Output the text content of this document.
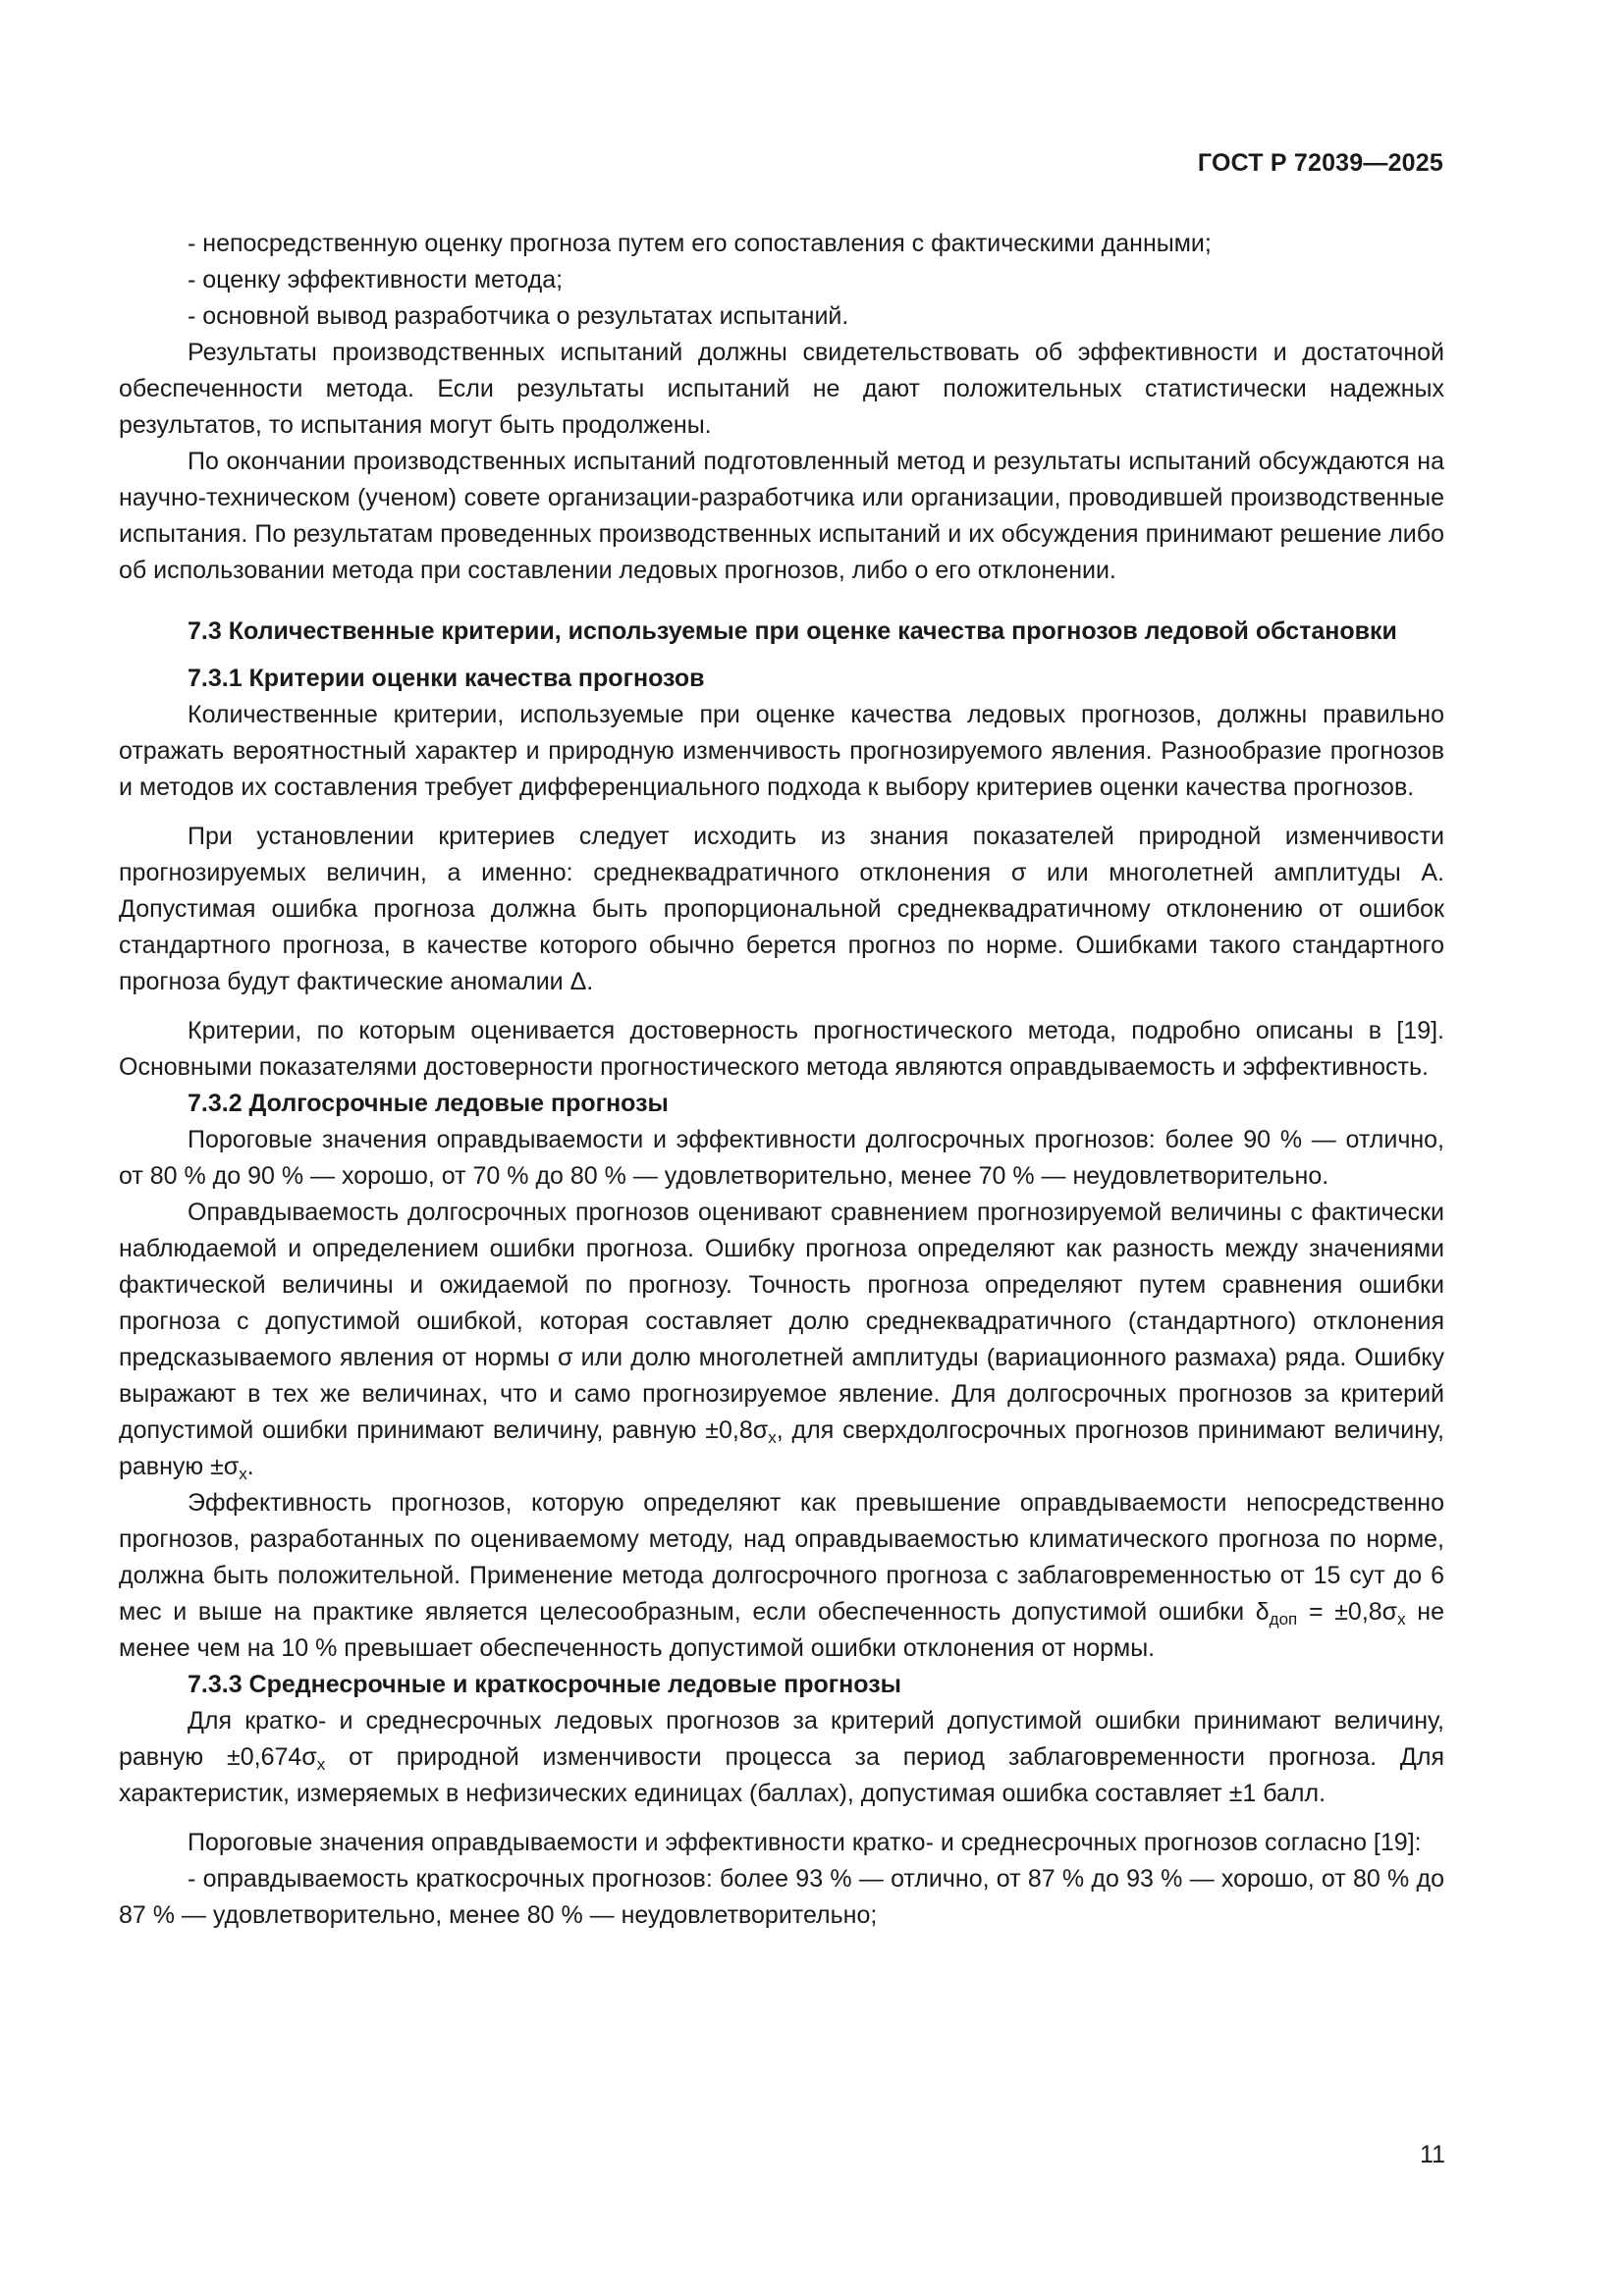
ГОСТ Р 72039—2025

- непосредственную оценку прогноза путем его сопоставления с фактическими данными;

- оценку эффективности метода;

- основной вывод разработчика о результатах испытаний.

Результаты производственных испытаний должны свидетельствовать об эффективности и достаточной обеспеченности метода. Если результаты испытаний не дают положительных статистически надежных результатов, то испытания могут быть продолжены.

По окончании производственных испытаний подготовленный метод и результаты испытаний обсуждаются на научно-техническом (ученом) совете организации-разработчика или организации, проводившей производственные испытания. По результатам проведенных производственных испытаний и их обсуждения принимают решение либо об использовании метода при составлении ледовых прогнозов, либо о его отклонении.

7.3 Количественные критерии, используемые при оценке качества прогнозов ледовой обстановки

7.3.1 Критерии оценки качества прогнозов

Количественные критерии, используемые при оценке качества ледовых прогнозов, должны правильно отражать вероятностный характер и природную изменчивость прогнозируемого явления. Разнообразие прогнозов и методов их составления требует дифференциального подхода к выбору критериев оценки качества прогнозов.

При установлении критериев следует исходить из знания показателей природной изменчивости прогнозируемых величин, а именно: среднеквадратичного отклонения σ или многолетней амплитуды A. Допустимая ошибка прогноза должна быть пропорциональной среднеквадратичному отклонению от ошибок стандартного прогноза, в качестве которого обычно берется прогноз по норме. Ошибками такого стандартного прогноза будут фактические аномалии Δ.

Критерии, по которым оценивается достоверность прогностического метода, подробно описаны в [19]. Основными показателями достоверности прогностического метода являются оправдываемость и эффективность.

7.3.2 Долгосрочные ледовые прогнозы

Пороговые значения оправдываемости и эффективности долгосрочных прогнозов: более 90 % — отлично, от 80 % до 90 % — хорошо, от 70 % до 80 % — удовлетворительно, менее 70 % — неудовлетворительно.

Оправдываемость долгосрочных прогнозов оценивают сравнением прогнозируемой величины с фактически наблюдаемой и определением ошибки прогноза. Ошибку прогноза определяют как разность между значениями фактической величины и ожидаемой по прогнозу. Точность прогноза определяют путем сравнения ошибки прогноза с допустимой ошибкой, которая составляет долю среднеквадратичного (стандартного) отклонения предсказываемого явления от нормы σ или долю многолетней амплитуды (вариационного размаха) ряда. Ошибку выражают в тех же величинах, что и само прогнозируемое явление. Для долгосрочных прогнозов за критерий допустимой ошибки принимают величину, равную $\pm 0,8\sigma_x$, для сверхдолгосрочных прогнозов принимают величину, равную $\pm\sigma_x$.

Эффективность прогнозов, которую определяют как превышение оправдываемости непосредственно прогнозов, разработанных по оцениваемому методу, над оправдываемостью климатического прогноза по норме, должна быть положительной. Применение метода долгосрочного прогноза с заблаговременностью от 15 сут до 6 мес и выше на практике является целесообразным, если обеспеченность допустимой ошибки $\delta_{доп} = \pm 0,8\sigma_x$ не менее чем на 10 % превышает обеспеченность допустимой ошибки отклонения от нормы.

7.3.3 Среднесрочные и краткосрочные ледовые прогнозы

Для кратко- и среднесрочных ледовых прогнозов за критерий допустимой ошибки принимают величину, равную $\pm 0,674\sigma_x$ от природной изменчивости процесса за период заблаговременности прогноза. Для характеристик, измеряемых в нефизических единицах (баллах), допустимая ошибка составляет ±1 балл.

Пороговые значения оправдываемости и эффективности кратко- и среднесрочных прогнозов согласно [19]:

- оправдываемость краткосрочных прогнозов: более 93 % — отлично, от 87 % до 93 % — хорошо, от 80 % до 87 % — удовлетворительно, менее 80 % — неудовлетворительно;

11
